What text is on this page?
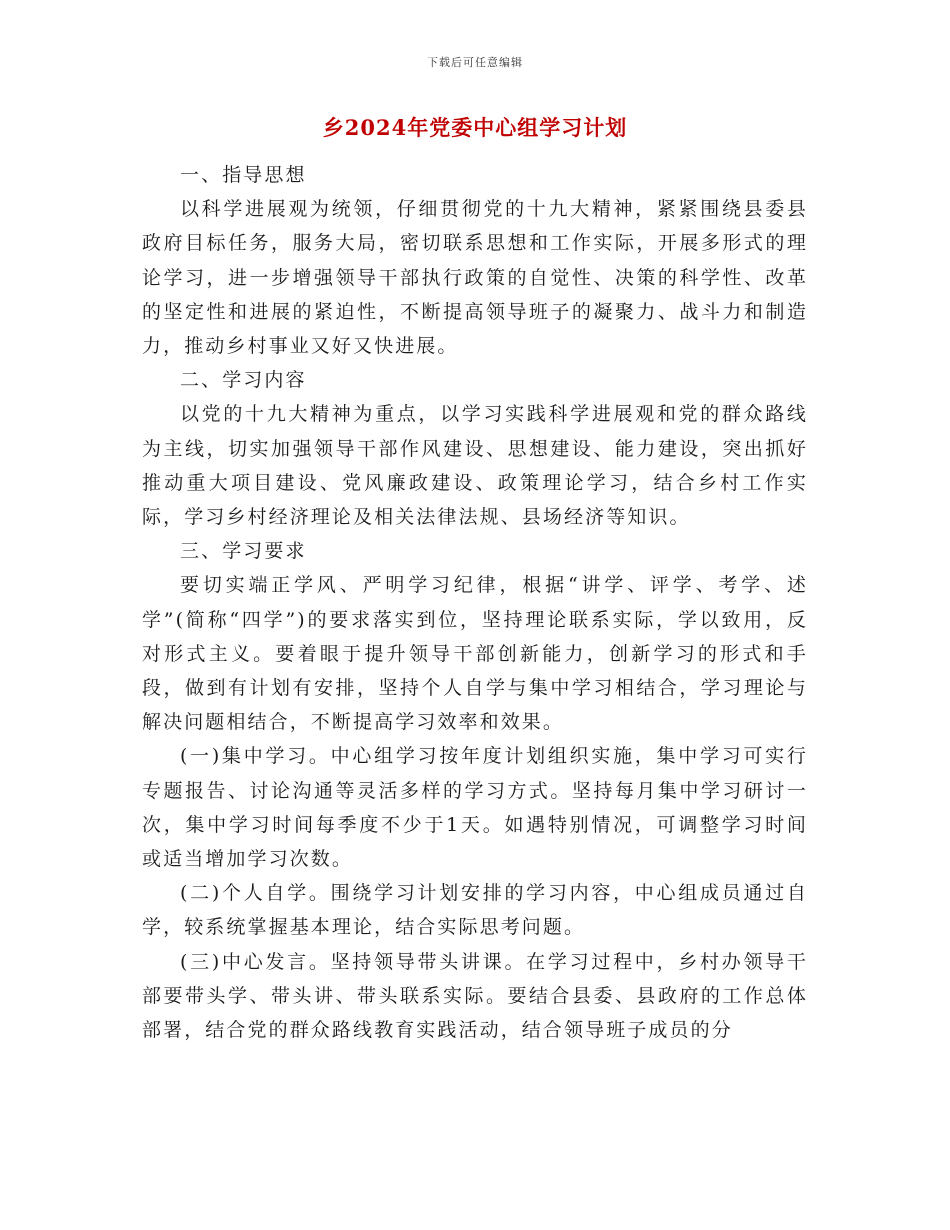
下载后可任意编辑
乡2024年党委中心组学习计划

一、指导思想

以科学进展观为统领，仔细贯彻党的十九大精神，紧紧围绕县委县政府目标任务，服务大局，密切联系思想和工作实际，开展多形式的理论学习，进一步增强领导干部执行政策的自觉性、决策的科学性、改革的坚定性和进展的紧迫性，不断提高领导班子的凝聚力、战斗力和制造力，推动乡村事业又好又快进展。

二、学习内容

以党的十九大精神为重点，以学习实践科学进展观和党的群众路线为主线，切实加强领导干部作风建设、思想建设、能力建设，突出抓好推动重大项目建设、党风廉政建设、政策理论学习，结合乡村工作实际，学习乡村经济理论及相关法律法规、县场经济等知识。

三、学习要求

要切实端正学风、严明学习纪律，根据“讲学、评学、考学、述学”(简称“四学”)的要求落实到位，坚持理论联系实际，学以致用，反对形式主义。要着眼于提升领导干部创新能力，创新学习的形式和手段，做到有计划有安排，坚持个人自学与集中学习相结合，学习理论与解决问题相结合，不断提高学习效率和效果。

(一)集中学习。中心组学习按年度计划组织实施，集中学习可实行专题报告、讨论沟通等灵活多样的学习方式。坚持每月集中学习研讨一次，集中学习时间每季度不少于1天。如遇特别情况，可调整学习时间或适当增加学习次数。

(二)个人自学。围绕学习计划安排的学习内容，中心组成员通过自学，较系统掌握基本理论，结合实际思考问题。

(三)中心发言。坚持领导带头讲课。在学习过程中，乡村办领导干部要带头学、带头讲、带头联系实际。要结合县委、县政府的工作总体部署，结合党的群众路线教育实践活动，结合领导班子成员的分
